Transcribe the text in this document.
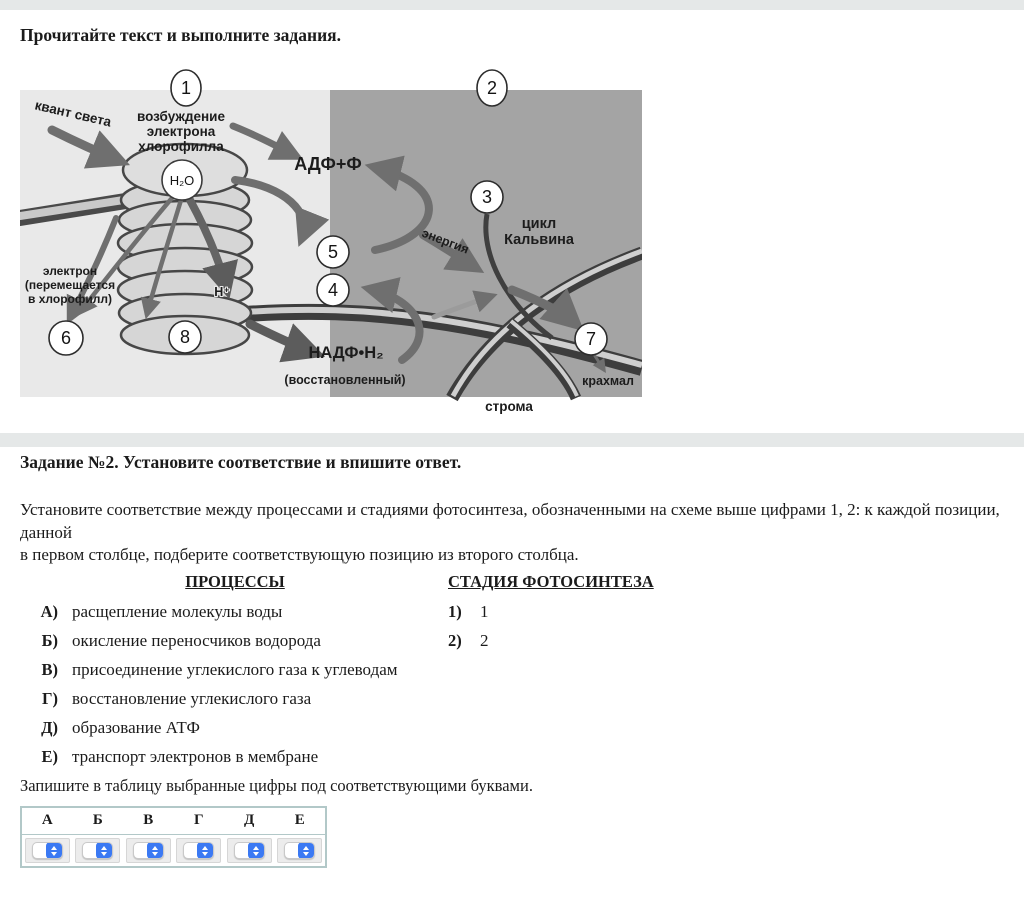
Прочитайте текст и выполните задания.
H₂O
квант света возбуждение
электрона
хлорофилла
АДФ+Ф
цикл
Кальвина
энергия
электрон
(перемещается
в хлорофилл)	Н⁺
НАДФ•Н₂
(восстановленный)	крахмал
строма
1	2
3
5
4
6	8	7
Задание №2. Установите соответствие и впишите ответ.

Установите соответствие между процессами и стадиями фотосинтеза, обозначенными на схеме выше цифрами 1, 2: к каждой позиции, данной

в первом столбце, подберите соответствующую позицию из второго столбца.

ПРОЦЕССЫ	СТАДИЯ ФОТОСИНТЕЗА
А) расщепление молекулы воды
Б) окисление переносчиков водорода
В) присоединение углекислого газа к углеводам
Г) восстановление углекислого газа
Д) образование АТФ
Е) транспорт электронов в мембране
1)	1
2)	2
Запишите в таблицу выбранные цифры под соответствующими буквами.
А	Б	В	Г	Д	Е
